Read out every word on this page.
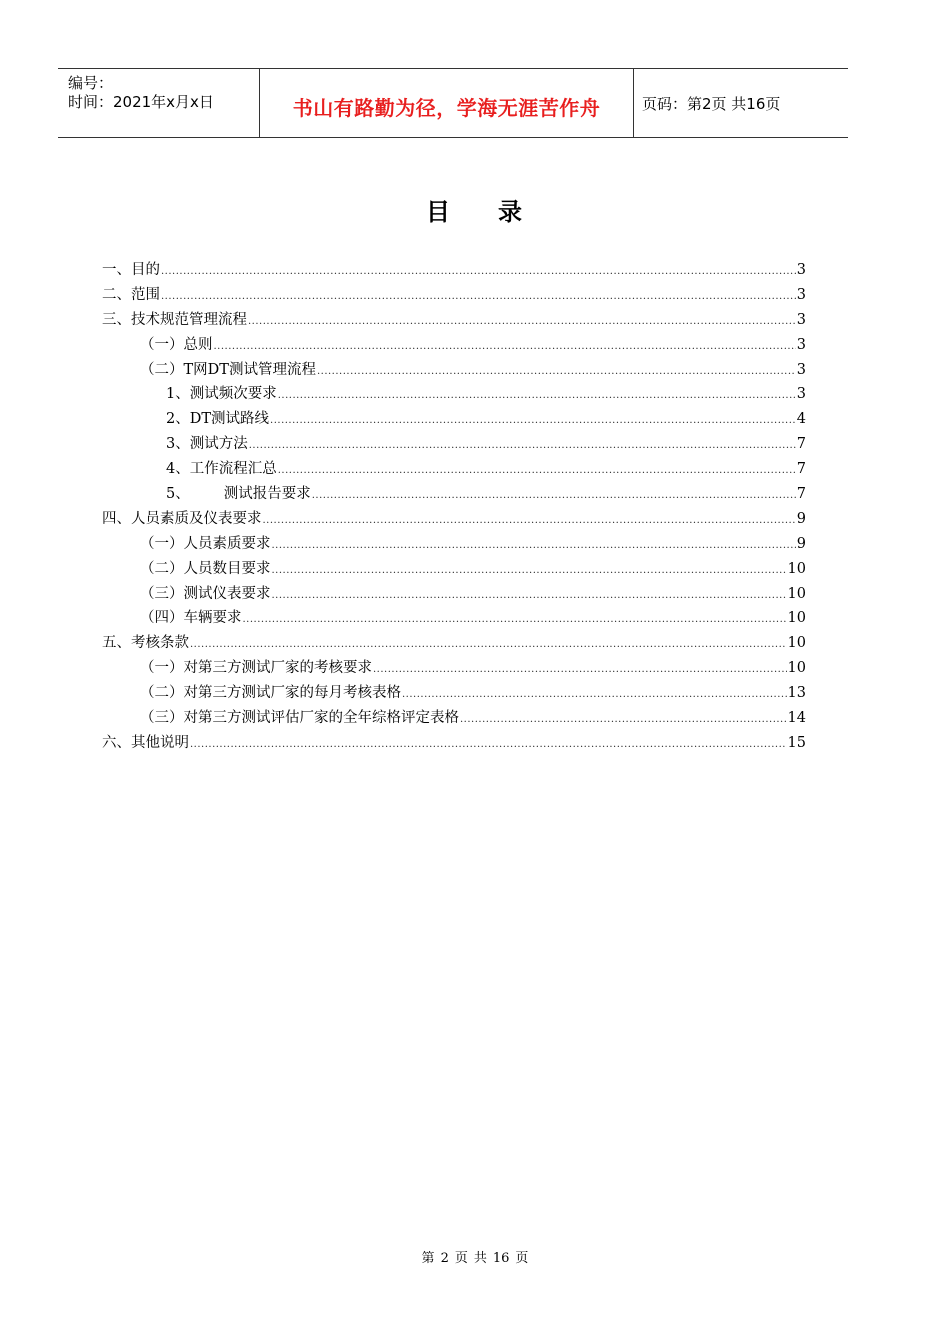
编号：
时间：2021年x月x日	书山有路勤为径，学海无涯苦作舟	页码：第2页 共16页
目 录
一、目的 .....	3
二、范围 .....	3
三、技术规范管理流程 .....	3
（一）总则 .....	3
（二）T网DT测试管理流程 .....	3
1、测试频次要求 .....	3
2、DT测试路线 .....	4
3、测试方法 .....	7
4、工作流程汇总 .....	7
5、 测试报告要求 .....	7
四、人员素质及仪表要求 .....	9
（一）人员素质要求 .....	9
（二）人员数目要求 .....	10
（三）测试仪表要求 .....	10
（四）车辆要求 .....	10
五、考核条款 .....	10
（一）对第三方测试厂家的考核要求 .....	10
（二）对第三方测试厂家的每月考核表格 .....	13
（三）对第三方测试评估厂家的全年综格评定表格 .....	14
六、其他说明 .....	15
第 2 页 共 16 页
